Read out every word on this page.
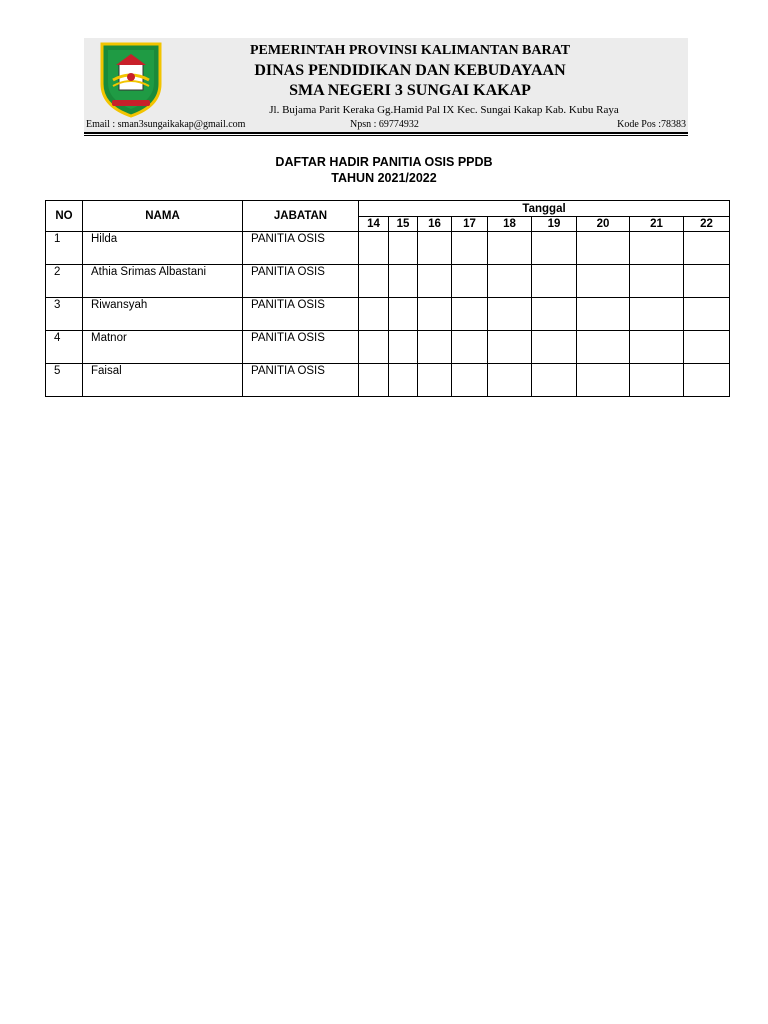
PEMERINTAH PROVINSI KALIMANTAN BARAT
DINAS PENDIDIKAN DAN KEBUDAYAAN
SMA NEGERI 3 SUNGAI KAKAP
Jl. Bujama Parit Keraka Gg.Hamid Pal IX Kec. Sungai Kakap Kab. Kubu Raya
Email : sman3sungaikakap@gmail.com	Npsn : 69774932	Kode Pos :78383
DAFTAR HADIR PANITIA OSIS PPDB
TAHUN 2021/2022
NO	NAMA	JABATAN	Tanggal								
			14	15	16	17	18	19	20	21	22
1	Hilda	PANITIA OSIS									
2	Athia Srimas Albastani	PANITIA OSIS									
3	Riwansyah	PANITIA OSIS									
4	Matnor	PANITIA OSIS									
5	Faisal	PANITIA OSIS									
